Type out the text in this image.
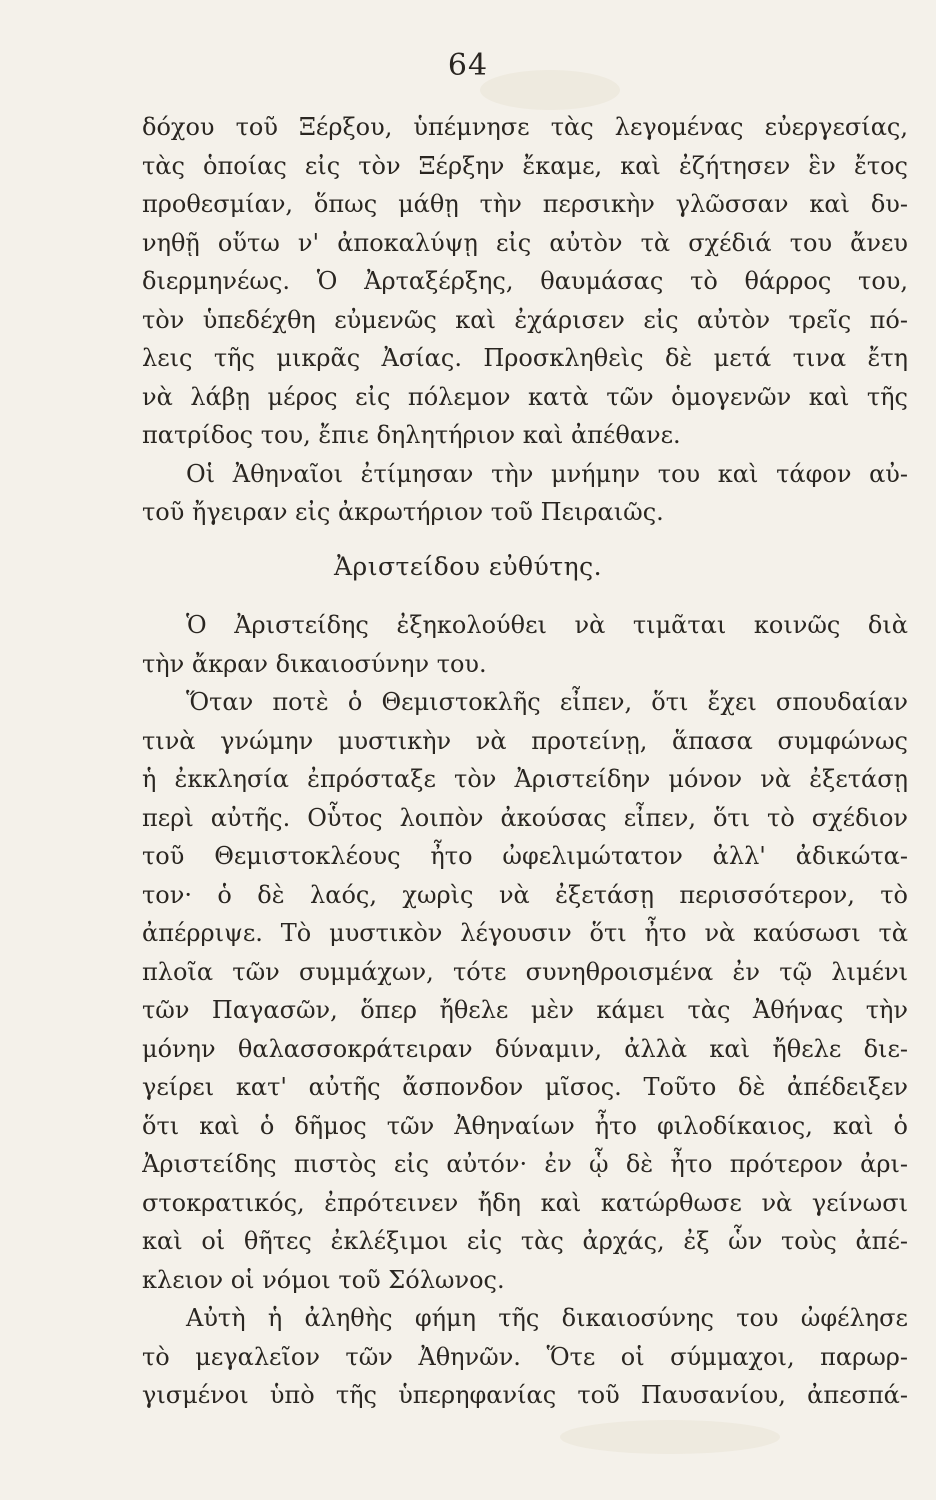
64
δόχου τοῦ Ξέρξου, ὑπέμνησε τὰς λεγομένας εὐεργεσίας,
τὰς ὁποίας εἰς τὸν Ξέρξην ἔκαμε, καὶ ἐζήτησεν ἓν ἔτος
προθεσμίαν, ὅπως μάθῃ τὴν περσικὴν γλῶσσαν καὶ δυ-
νηθῇ οὕτω ν' ἀποκαλύψῃ εἰς αὐτὸν τὰ σχέδιά του ἄνευ
διερμηνέως. Ὁ Ἀρταξέρξης, θαυμάσας τὸ θάρρος του,
τὸν ὑπεδέχθη εὐμενῶς καὶ ἐχάρισεν εἰς αὐτὸν τρεῖς πό-
λεις τῆς μικρᾶς Ἀσίας. Προσκληθεὶς δὲ μετά τινα ἔτη
νὰ λάβῃ μέρος εἰς πόλεμον κατὰ τῶν ὁμογενῶν καὶ τῆς
πατρίδος του, ἔπιε δηλητήριον καὶ ἀπέθανε.
Οἱ Ἀθηναῖοι ἐτίμησαν τὴν μνήμην του καὶ τάφον αὐ-
τοῦ ἤγειραν εἰς ἀκρωτήριον τοῦ Πειραιῶς.
Ἀριστείδου εὐθύτης.
Ὁ Ἀριστείδης ἐξηκολούθει νὰ τιμᾶται κοινῶς διὰ
τὴν ἄκραν δικαιοσύνην του.
Ὅταν ποτὲ ὁ Θεμιστοκλῆς εἶπεν, ὅτι ἔχει σπουδαίαν
τινὰ γνώμην μυστικὴν νὰ προτείνῃ, ἅπασα συμφώνως
ἡ ἐκκλησία ἐπρόσταξε τὸν Ἀριστείδην μόνον νὰ ἐξετάσῃ
περὶ αὐτῆς. Οὗτος λοιπὸν ἀκούσας εἶπεν, ὅτι τὸ σχέδιον
τοῦ Θεμιστοκλέους ἦτο ὠφελιμώτατον ἀλλ' ἀδικώτα-
τον· ὁ δὲ λαός, χωρὶς νὰ ἐξετάσῃ περισσότερον, τὸ
ἀπέρριψε. Τὸ μυστικὸν λέγουσιν ὅτι ἦτο νὰ καύσωσι τὰ
πλοῖα τῶν συμμάχων, τότε συνηθροισμένα ἐν τῷ λιμένι
τῶν Παγασῶν, ὅπερ ἤθελε μὲν κάμει τὰς Ἀθήνας τὴν
μόνην θαλασσοκράτειραν δύναμιν, ἀλλὰ καὶ ἤθελε διε-
γείρει κατ' αὐτῆς ἄσπονδον μῖσος. Τοῦτο δὲ ἀπέδειξεν
ὅτι καὶ ὁ δῆμος τῶν Ἀθηναίων ἦτο φιλοδίκαιος, καὶ ὁ
Ἀριστείδης πιστὸς εἰς αὐτόν· ἐν ᾧ δὲ ἦτο πρότερον ἀρι-
στοκρατικός, ἐπρότεινεν ἤδη καὶ κατώρθωσε νὰ γείνωσι
καὶ οἱ θῆτες ἐκλέξιμοι εἰς τὰς ἀρχάς, ἐξ ὧν τοὺς ἀπέ-
κλειον οἱ νόμοι τοῦ Σόλωνος.
Αὐτὴ ἡ ἀληθὴς φήμη τῆς δικαιοσύνης του ὠφέλησε
τὸ μεγαλεῖον τῶν Ἀθηνῶν. Ὅτε οἱ σύμμαχοι, παρωρ-
γισμένοι ὑπὸ τῆς ὑπερηφανίας τοῦ Παυσανίου, ἀπεσπά-
